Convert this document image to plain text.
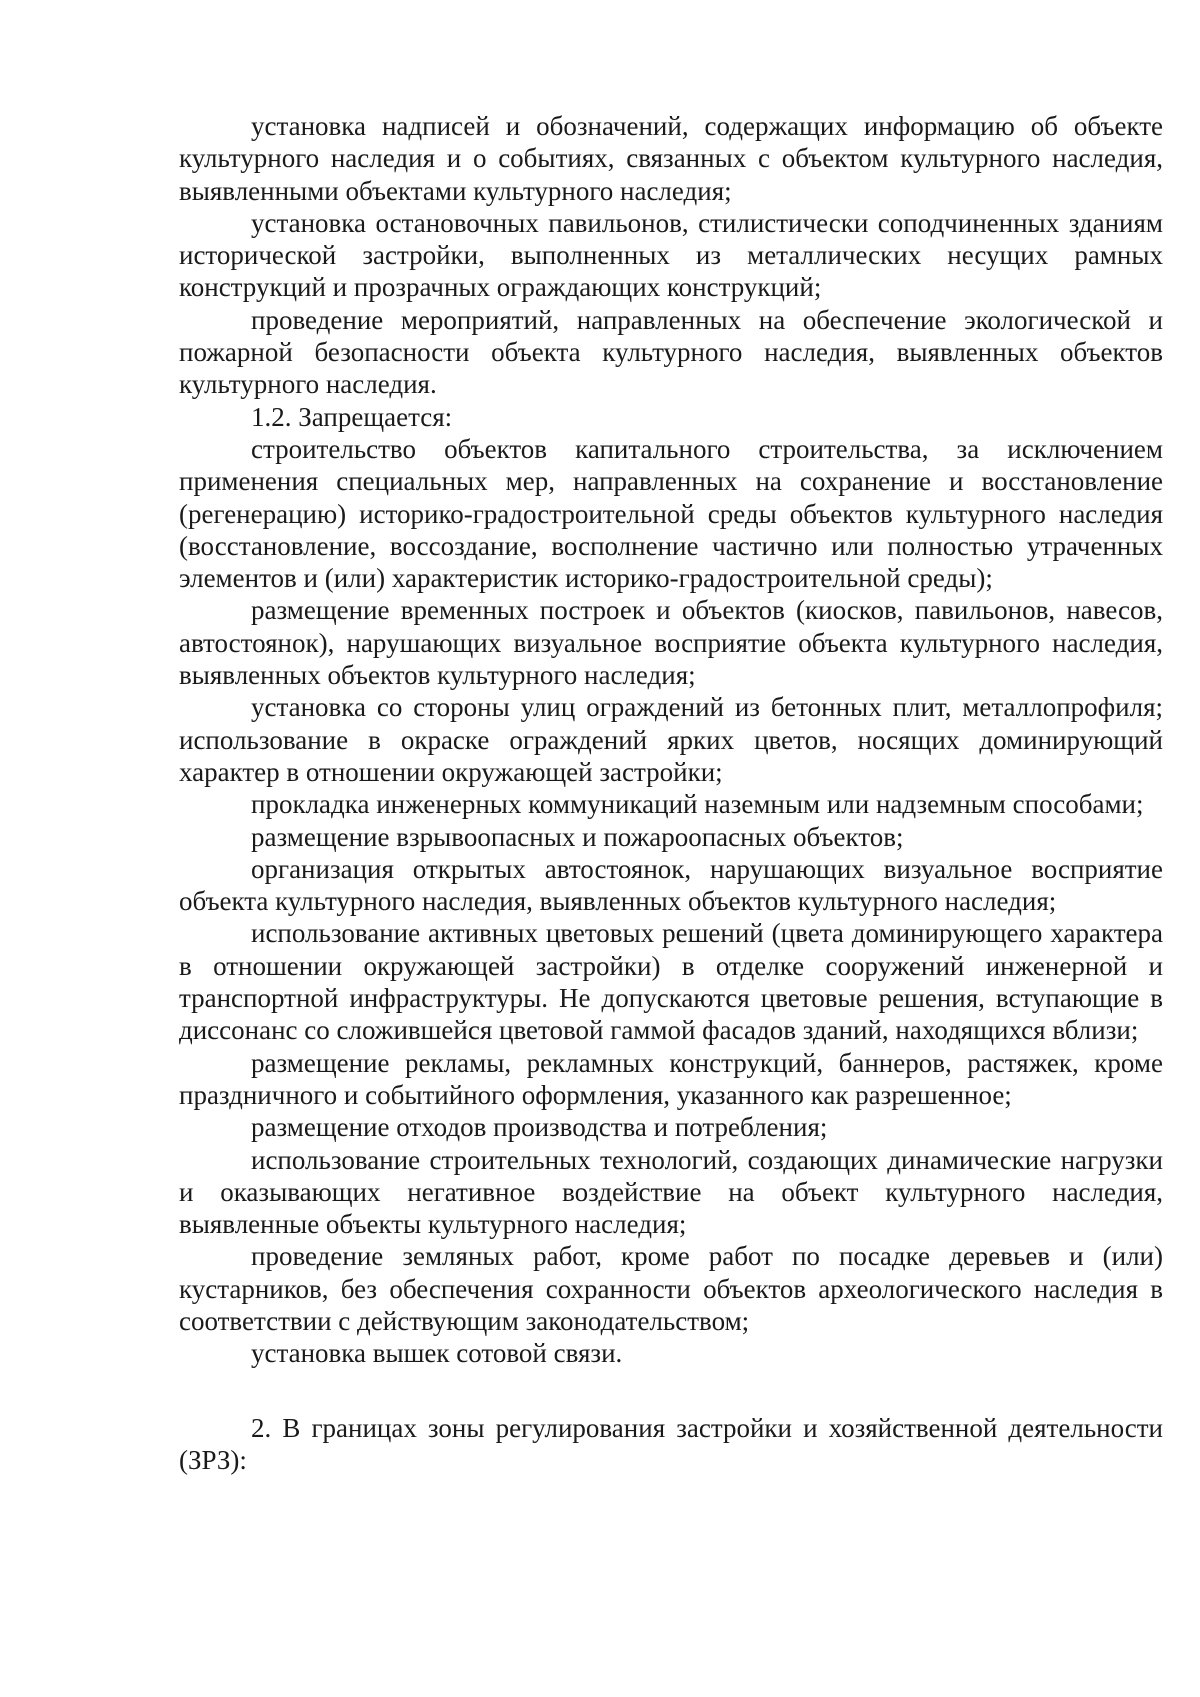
установка надписей и обозначений, содержащих информацию об объекте культурного наследия и о событиях, связанных с объектом культурного наследия, выявленными объектами культурного наследия;

установка остановочных павильонов, стилистически соподчиненных зданиям исторической застройки, выполненных из металлических несущих рамных конструкций и прозрачных ограждающих конструкций;

проведение мероприятий, направленных на обеспечение экологической и пожарной безопасности объекта культурного наследия, выявленных объектов культурного наследия.

1.2. Запрещается:

строительство объектов капитального строительства, за исключением применения специальных мер, направленных на сохранение и восстановление (регенерацию) историко-градостроительной среды объектов культурного наследия (восстановление, воссоздание, восполнение частично или полностью утраченных элементов и (или) характеристик историко-градостроительной среды);

размещение временных построек и объектов (киосков, павильонов, навесов, автостоянок), нарушающих визуальное восприятие объекта культурного наследия, выявленных объектов культурного наследия;

установка со стороны улиц ограждений из бетонных плит, металлопрофиля; использование в окраске ограждений ярких цветов, носящих доминирующий характер в отношении окружающей застройки;

прокладка инженерных коммуникаций наземным или надземным способами;

размещение взрывоопасных и пожароопасных объектов;

организация открытых автостоянок, нарушающих визуальное восприятие объекта культурного наследия, выявленных объектов культурного наследия;

использование активных цветовых решений (цвета доминирующего характера в отношении окружающей застройки) в отделке сооружений инженерной и транспортной инфраструктуры. Не допускаются цветовые решения, вступающие в диссонанс со сложившейся цветовой гаммой фасадов зданий, находящихся вблизи;

размещение рекламы, рекламных конструкций, баннеров, растяжек, кроме праздничного и событийного оформления, указанного как разрешенное;

размещение отходов производства и потребления;

использование строительных технологий, создающих динамические нагрузки и оказывающих негативное воздействие на объект культурного наследия, выявленные объекты культурного наследия;

проведение земляных работ, кроме работ по посадке деревьев и (или) кустарников, без обеспечения сохранности объектов археологического наследия в соответствии с действующим законодательством;

установка вышек сотовой связи.

2. В границах зоны регулирования застройки и хозяйственной деятельности (ЗРЗ):
